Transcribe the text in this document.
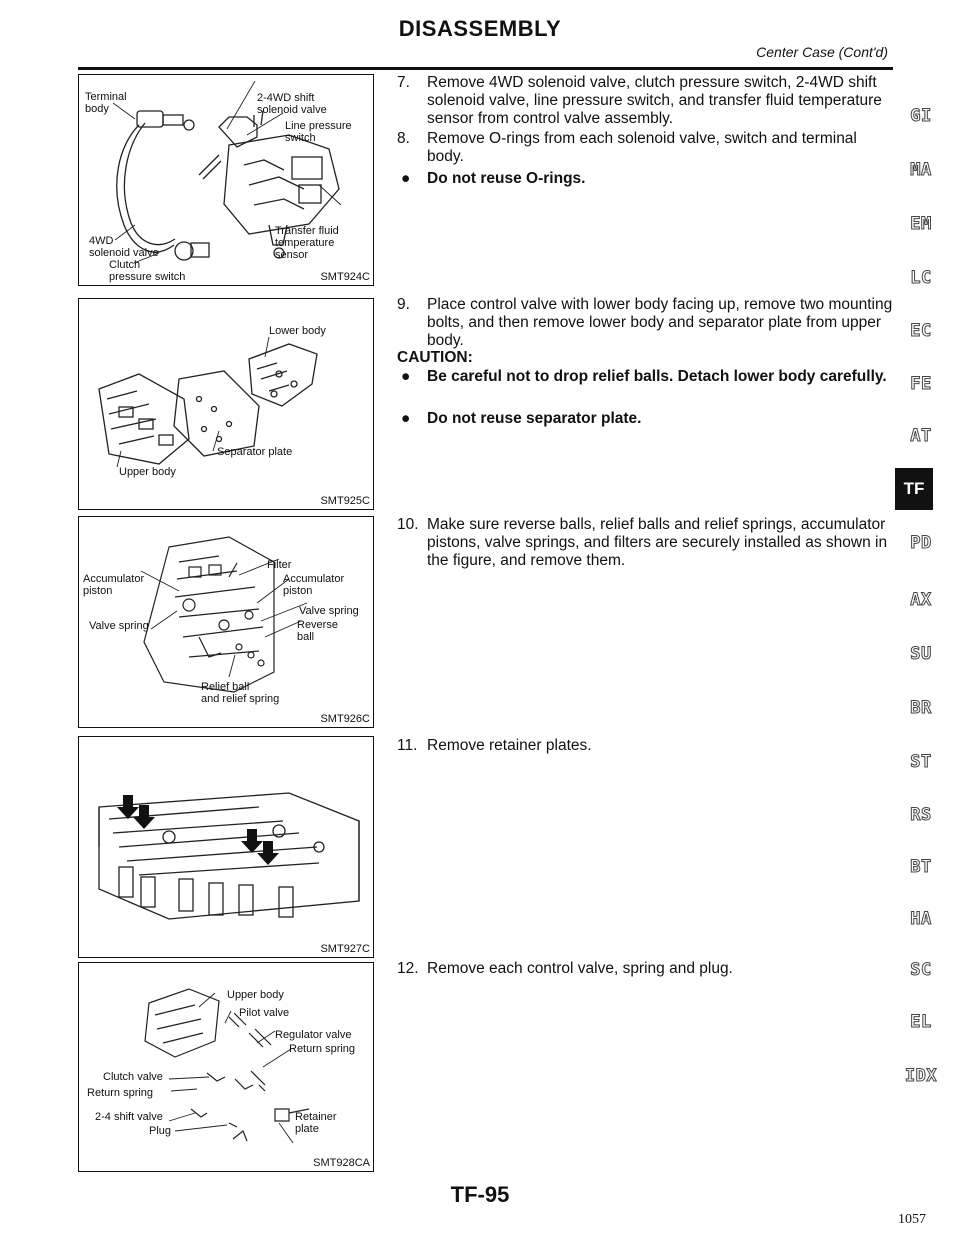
DISASSEMBLY
Center Case (Cont'd)
Terminal
body
2-4WD shift
solenoid valve
Line pressure
switch
4WD
solenoid valve
Clutch
pressure switch
Transfer fluid
temperature
sensor
SMT924C
Lower body
Separator plate
Upper body
SMT925C
Filter
Accumulator
piston
Accumulator
piston
Valve spring
Valve spring
Reverse
ball
Relief ball
and relief spring
SMT926C
SMT927C
Upper body
Pilot valve
Regulator valve
Return spring
Clutch valve
Return spring
2-4 shift valve
Plug
Retainer
plate
SMT928CA
7. Remove 4WD solenoid valve, clutch pressure switch, 2-4WD shift solenoid valve, line pressure switch, and transfer fluid temperature sensor from control valve assembly.
8. Remove O-rings from each solenoid valve, switch and terminal body.
● Do not reuse O-rings.
9. Place control valve with lower body facing up, remove two mounting bolts, and then remove lower body and separator plate from upper body.
CAUTION:
● Be careful not to drop relief balls. Detach lower body carefully.
● Do not reuse separator plate.
10. Make sure reverse balls, relief balls and relief springs, accumulator pistons, valve springs, and filters are securely installed as shown in the figure, and remove them.
11. Remove retainer plates.
12. Remove each control valve, spring and plug.
GI
MA
EM
LC
EC
FE
AT
TF
PD
AX
SU
BR
ST
RS
BT
HA
SC
EL
IDX
TF-95
1057
